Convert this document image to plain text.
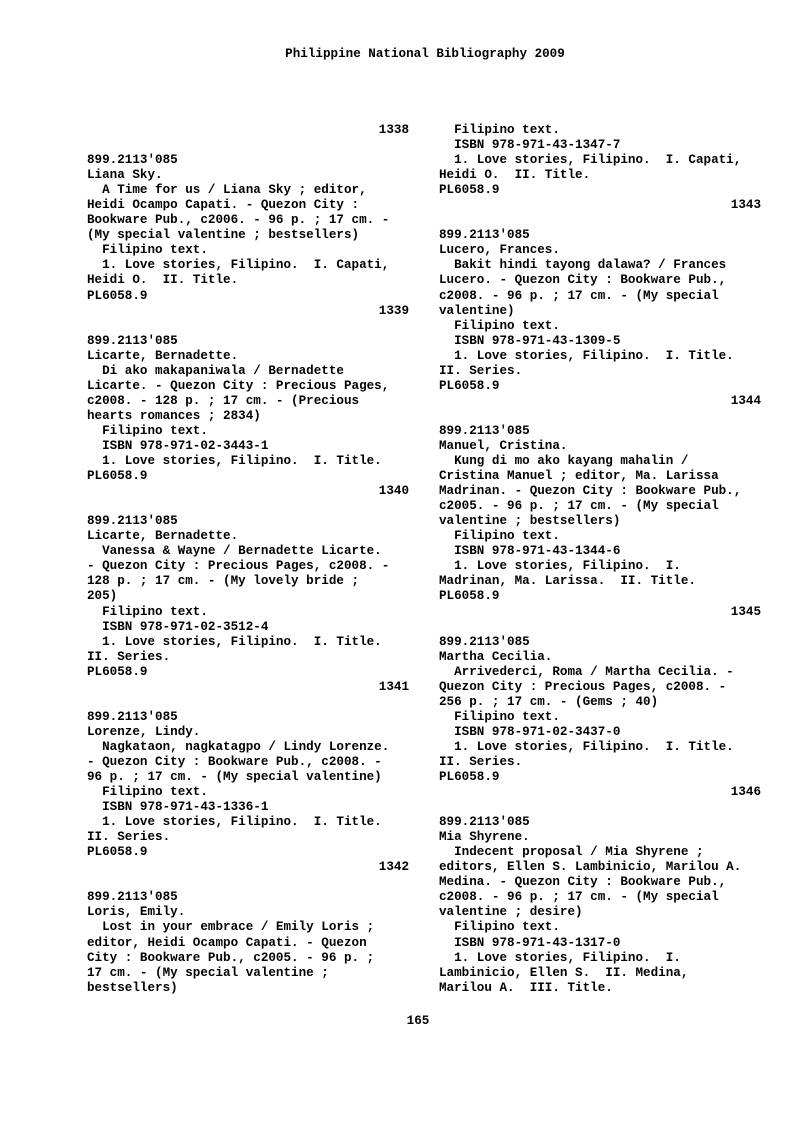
Philippine National Bibliography 2009
1338
899.2113'085
Liana Sky.
A Time for us / Liana Sky ; editor,
Heidi Ocampo Capati. - Quezon City :
Bookware Pub., c2006. - 96 p. ; 17 cm. -
(My special valentine ; bestsellers)
Filipino text.
1. Love stories, Filipino.  I. Capati,
Heidi O.  II. Title.
PL6058.9
1339
899.2113'085
Licarte, Bernadette.
Di ako makapaniwala / Bernadette
Licarte. - Quezon City : Precious Pages,
c2008. - 128 p. ; 17 cm. - (Precious
hearts romances ; 2834)
Filipino text.
ISBN 978-971-02-3443-1
1. Love stories, Filipino.  I. Title.
PL6058.9
1340
899.2113'085
Licarte, Bernadette.
Vanessa & Wayne / Bernadette Licarte.
- Quezon City : Precious Pages, c2008. -
128 p. ; 17 cm. - (My lovely bride ;
205)
Filipino text.
ISBN 978-971-02-3512-4
1. Love stories, Filipino.  I. Title.
II. Series.
PL6058.9
1341
899.2113'085
Lorenze, Lindy.
Nagkataon, nagkatagpo / Lindy Lorenze.
- Quezon City : Bookware Pub., c2008. -
96 p. ; 17 cm. - (My special valentine)
Filipino text.
ISBN 978-971-43-1336-1
1. Love stories, Filipino.  I. Title.
II. Series.
PL6058.9
1342
899.2113'085
Loris, Emily.
Lost in your embrace / Emily Loris ;
editor, Heidi Ocampo Capati. - Quezon
City : Bookware Pub., c2005. - 96 p. ;
17 cm. - (My special valentine ;
bestsellers)
Filipino text.
ISBN 978-971-43-1347-7
1. Love stories, Filipino.  I. Capati,
Heidi O.  II. Title.
PL6058.9
1343
899.2113'085
Lucero, Frances.
Bakit hindi tayong dalawa? / Frances
Lucero. - Quezon City : Bookware Pub.,
c2008. - 96 p. ; 17 cm. - (My special
valentine)
Filipino text.
ISBN 978-971-43-1309-5
1. Love stories, Filipino.  I. Title.
II. Series.
PL6058.9
1344
899.2113'085
Manuel, Cristina.
Kung di mo ako kayang mahalin /
Cristina Manuel ; editor, Ma. Larissa
Madrinan. - Quezon City : Bookware Pub.,
c2005. - 96 p. ; 17 cm. - (My special
valentine ; bestsellers)
Filipino text.
ISBN 978-971-43-1344-6
1. Love stories, Filipino.  I.
Madrinan, Ma. Larissa.  II. Title.
PL6058.9
1345
899.2113'085
Martha Cecilia.
Arrivederci, Roma / Martha Cecilia. -
Quezon City : Precious Pages, c2008. -
256 p. ; 17 cm. - (Gems ; 40)
Filipino text.
ISBN 978-971-02-3437-0
1. Love stories, Filipino.  I. Title.
II. Series.
PL6058.9
1346
899.2113'085
Mia Shyrene.
Indecent proposal / Mia Shyrene ;
editors, Ellen S. Lambinicio, Marilou A.
Medina. - Quezon City : Bookware Pub.,
c2008. - 96 p. ; 17 cm. - (My special
valentine ; desire)
Filipino text.
ISBN 978-971-43-1317-0
1. Love stories, Filipino.  I.
Lambinicio, Ellen S.  II. Medina,
Marilou A.  III. Title.
165
